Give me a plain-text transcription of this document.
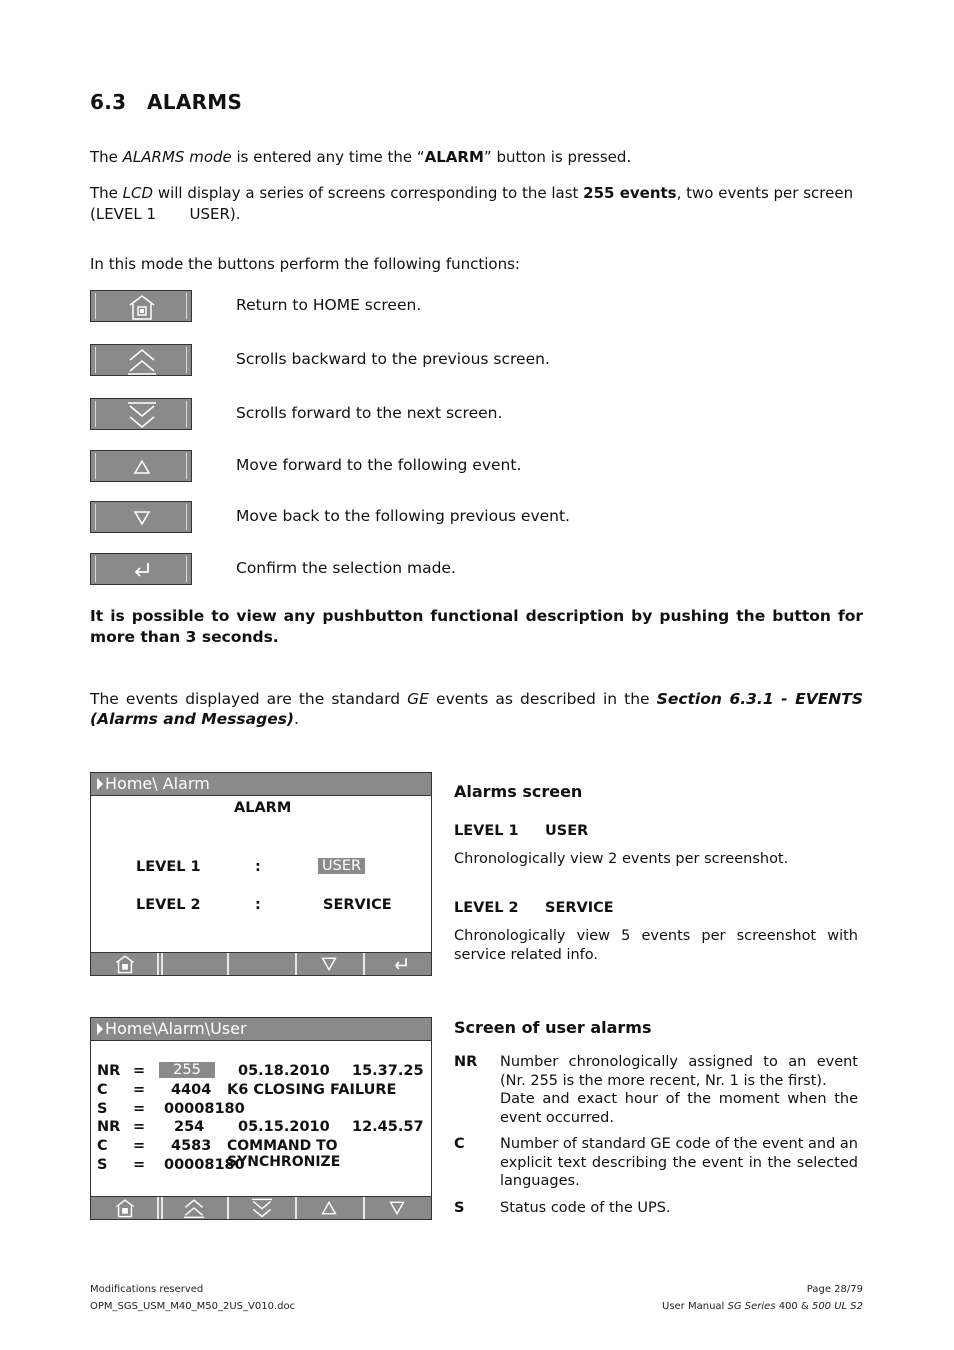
6.3 ALARMS
The ALARMS mode is entered any time the “ALARM” button is pressed.
The LCD will display a series of screens corresponding to the last 255 events, two events per screen
(LEVEL 1       USER).
In this mode the buttons perform the following functions:
Return to HOME screen.
Scrolls backward to the previous screen.
Scrolls forward to the next screen.
Move forward to the following event.
Move back to the following previous event.
Confirm the selection made.
It is possible to view any pushbutton functional description by pushing the button for more than 3 seconds.
The events displayed are the standard GE events as described in the Section 6.3.1 - EVENTS (Alarms and Messages).
Home\ Alarm
ALARM
LEVEL 1	:	USER
LEVEL 2	:	SERVICE
Alarms screen
LEVEL 1 USER
Chronologically view 2 events per screenshot.
LEVEL 2 SERVICE
Chronologically view 5 events per screenshot with service related info.
Home\Alarm\User
NR =	255	05.18.2010 15.37.25
C = 4404 K6 CLOSING FAILURE
S = 00008180
NR = 254 05.15.2010 12.45.57
C = 4583 COMMAND TO SYNCHRONIZE
S = 00008180
Screen of user alarms
NR Number chronologically assigned to an event (Nr. 255 is the more recent, Nr. 1 is the first).
Date and exact hour of the moment when the event occurred.
C Number of standard GE code of the event and an explicit text describing the event in the selected languages.
S Status code of the UPS.
Modifications reserved
OPM_SGS_USM_M40_M50_2US_V010.doc
Page 28/79
User Manual SG Series 400 & 500 UL S2
